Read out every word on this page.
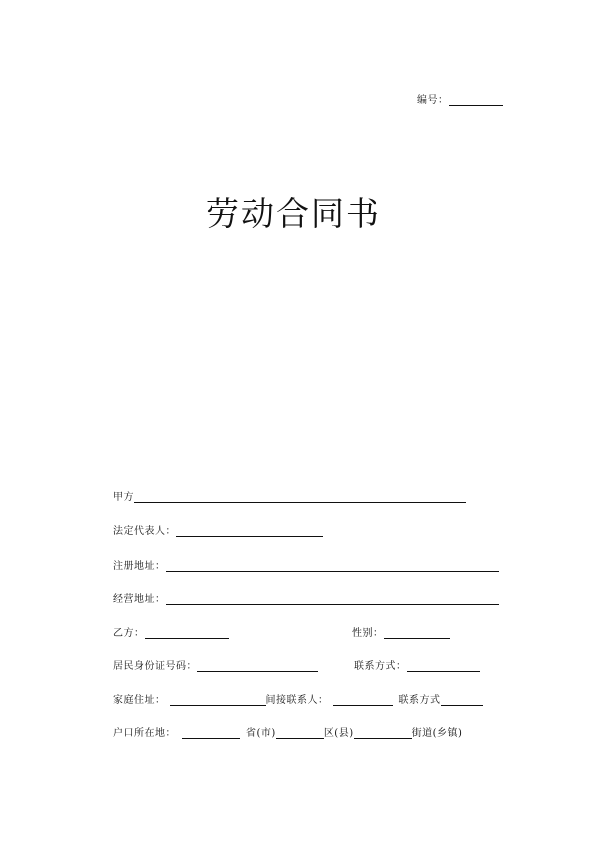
编号：
劳动合同书
甲方
法定代表人：
注册地址：
经营地址：
乙方：	性别：
居民身份证号码：	联系方式：
家庭住址：	间接联系人：	联系方式
户口所在地：	省(市)	区(县)	街道(乡镇)
